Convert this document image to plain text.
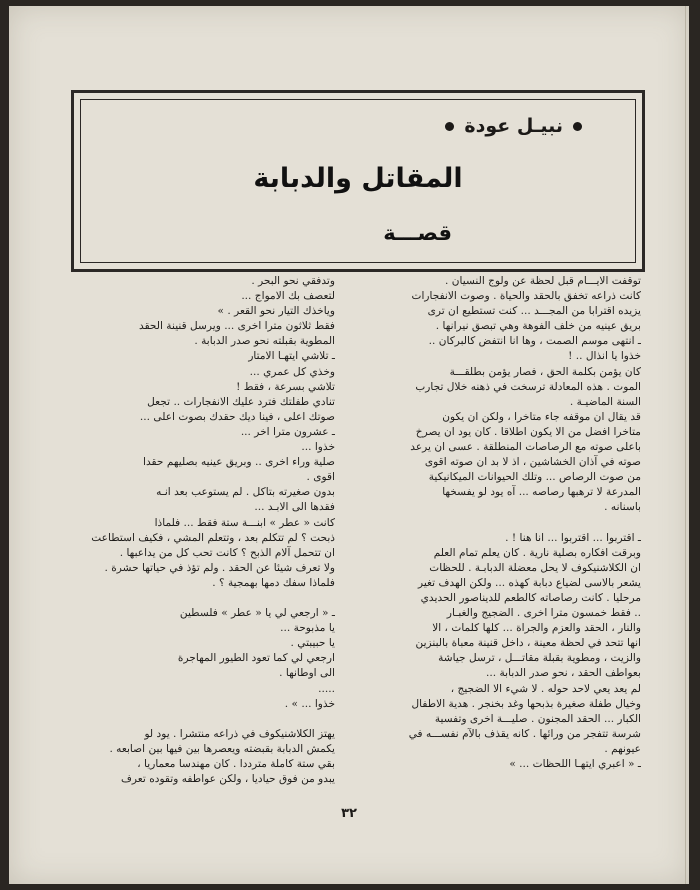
نبيـل عودة
المقاتل والدبابة
قصـــة
توقفت الايـــام قبل لحظة عن ولوج النسيان .
كانت ذراعه تخفق بالحقد والحياة . وصوت الانفجارات
يزيده اقترابا من المجـــد ... كنت تستطيع ان ترى
بريق عينيه من خلف الفوهة وهي تبصق نيرانها .
ـ انتهى موسم الصمت ، وها انا انتفض كالبركان ..
خذوا يا انذال .. !
كان يؤمن بكلمة الحق ، فصار يؤمن بطلقـــة
الموت . هذه المعادلة ترسخت في ذهنه خلال تجارب
السنة الماضيـة .
قد يقال ان موقفه جاء متاخرا ، ولكن ان يكون
متاخرا افضل من الا يكون اطلاقا . كان يود ان يصرخ
باعلى صوته مع الرصاصات المنطلقة . عسى ان يرعد
صوته في آذان الخشاشين ، اذ لا بد ان صوته اقوى
من صوت الرصاص ... وتلك الحيوانات الميكانيكية
المدرعة لا ترهبها رصاصه ... آه يود لو يفسخها
باسنانه .
ـ اقتربوا ... اقتربوا ... انا هنا ! .
وبرقت افكاره بصلية نارية . كان يعلم تمام العلم
ان الكلاشنيكوف لا يحل معضلة الدبابـة . للحظات
يشعر بالاسى لضياع دبابة كهذه ... ولكن الهدف تغير
مرحليا . كانت رصاصاته كالطعم للديناصور الحديدي
.. فقط خمسون مترا اخرى . الضجيج والغبـار
والنار ، الحقد والعزم والجراة ... كلها كلمات ، الا
انها تتحد في لحظة معينة ، داخل قنينة معباة بالبنزين
والزيت ، ومطوية بقبلة مقاتـــل ، ترسل جياشة
بعواطف الحقد ، نحو صدر الدبابة ...
لم يعد يعي لاحد حوله . لا شيء الا الضجيج ،
وخيال طفلة صغيرة بذبحها وغد بخنجر . هدية الاطفال
الكبار ... الحقد المجنون . صليـــة اخرى وتفسية
شرسة تتفجر من ورائها . كانه يقذف بالآم نفســـه في
عيونهم .
ـ « اعبري ايتهـا اللحظات ... »
وتدفقي نحو البحر .
لتعصف بك الامواج ...
وياخذك التيار نحو القعر . »
فقط ثلاثون مترا اخرى ... ويرسل قنينة الحقد
المطوية بقبلته نحو صدر الدبابة .
ـ تلاشي ايتهـا الامتار
وخذي كل عمري ...
تلاشي بسرعة ، فقط !
تنادي طفلتك فترد عليك الانفجارات .. تجعل
صوتك اعلى ، فينا ديك حقدك بصوت اعلى ...
ـ عشرون مترا اخر ...
خذوا ...
صلية وراء اخرى .. وبريق عينيه بصليهم حقدا
اقوى .
بدون صغيرته بتاكل . لم يستوعب بعد انـه
فقدها الى الابـد ...
كانت « عطر » ابنـــة ستة فقط ... فلماذا
ذبحت ؟ لم تتكلم بعد ، وتتعلم المشي ، فكيف استطاعت
ان تتحمل آلام الذبح ؟ كانت تحب كل من يداعبها .
ولا تعرف شيئا عن الحقد . ولم تؤذ في حياتها حشرة .
فلماذا سفك دمها بهمجية ؟ .
ـ « ارجعي لي يا « عطر » فلسطين
يا مذبوحة ...
يا حبيبتي .
ارجعي لي كما تعود الطيور المهاجرة
الى اوطانها .
.....
خذوا ... » .
يهتز الكلاشنيكوف في ذراعه منتشرا . يود لو
يكمش الدبابة بقبضته ويعصرها بين فيها بين اصابعه .
بقي ستة كاملة مترددا . كان مهندسا معماريا ،
يبدو من فوق حياديا ، ولكن عواطفه وتقوده تعرف
٣٢
